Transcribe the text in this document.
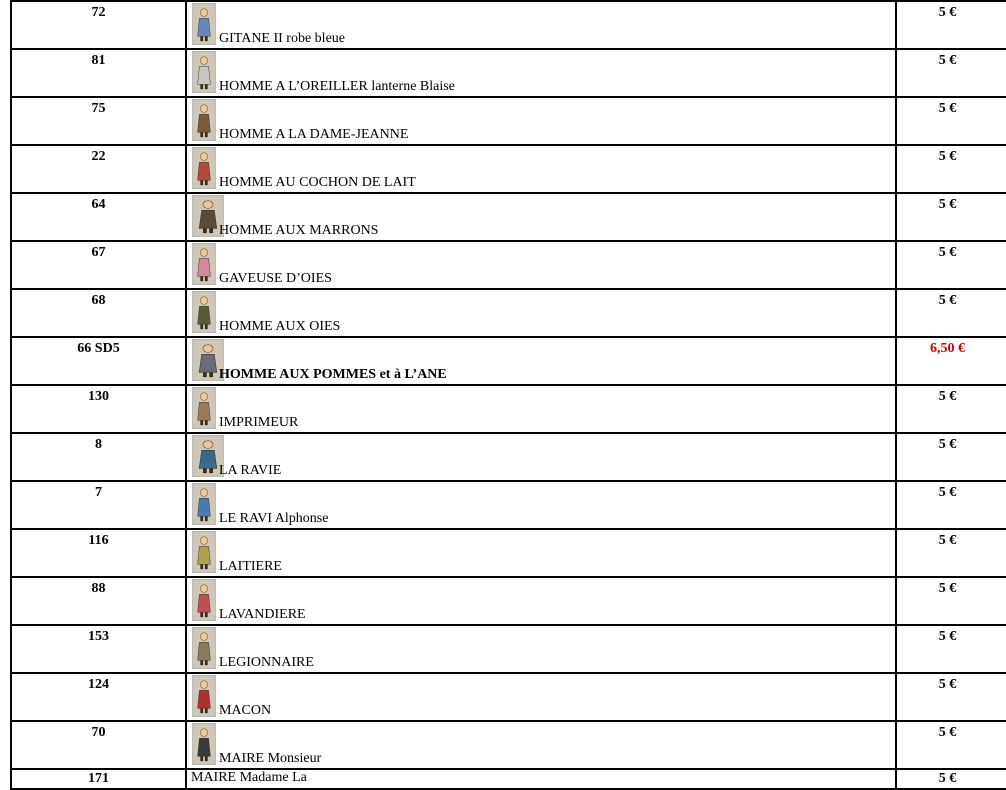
72	GITANE II robe bleue	5 €
81	HOMME A L’OREILLER lanterne Blaise	5 €
75	HOMME A LA DAME-JEANNE	5 €
22	HOMME AU COCHON DE LAIT	5 €
64	HOMME AUX MARRONS	5 €
67	GAVEUSE D’OIES	5 €
68	HOMME AUX OIES	5 €
66 SD5	HOMME AUX POMMES et à L’ANE	6,50 €
130	IMPRIMEUR	5 €
8	LA RAVIE	5 €
7	LE RAVI Alphonse	5 €
116	LAITIERE	5 €
88	LAVANDIERE	5 €
153	LEGIONNAIRE	5 €
124	MACON	5 €
70	MAIRE Monsieur	5 €
171	MAIRE Madame La	5 €
